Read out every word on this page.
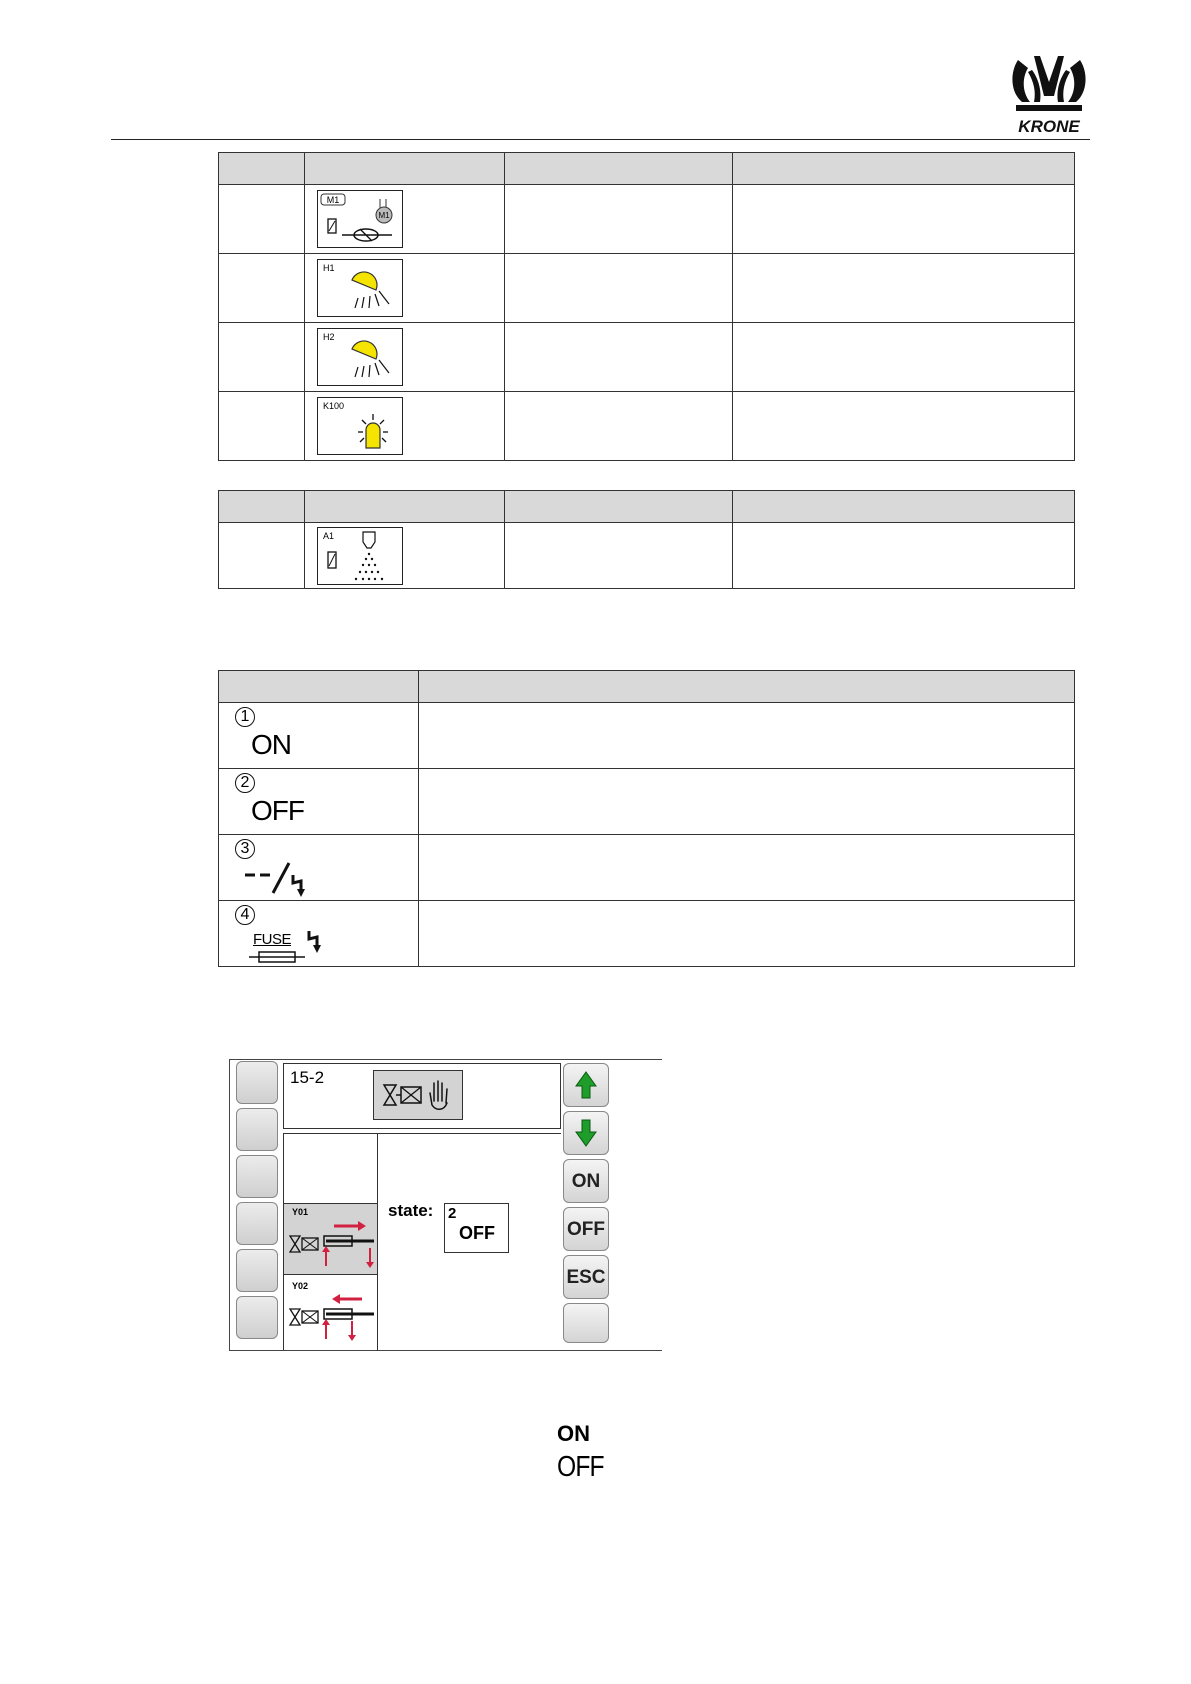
KRONE

M1
M1		

	H1		

	H2		

	K100		

	A1		

1
ON	

2
OFF	

3	

4
FUSE	

15-2
Y01
Y02
state: 2
OFF
ON
OFF
ESC
ON
OFF
